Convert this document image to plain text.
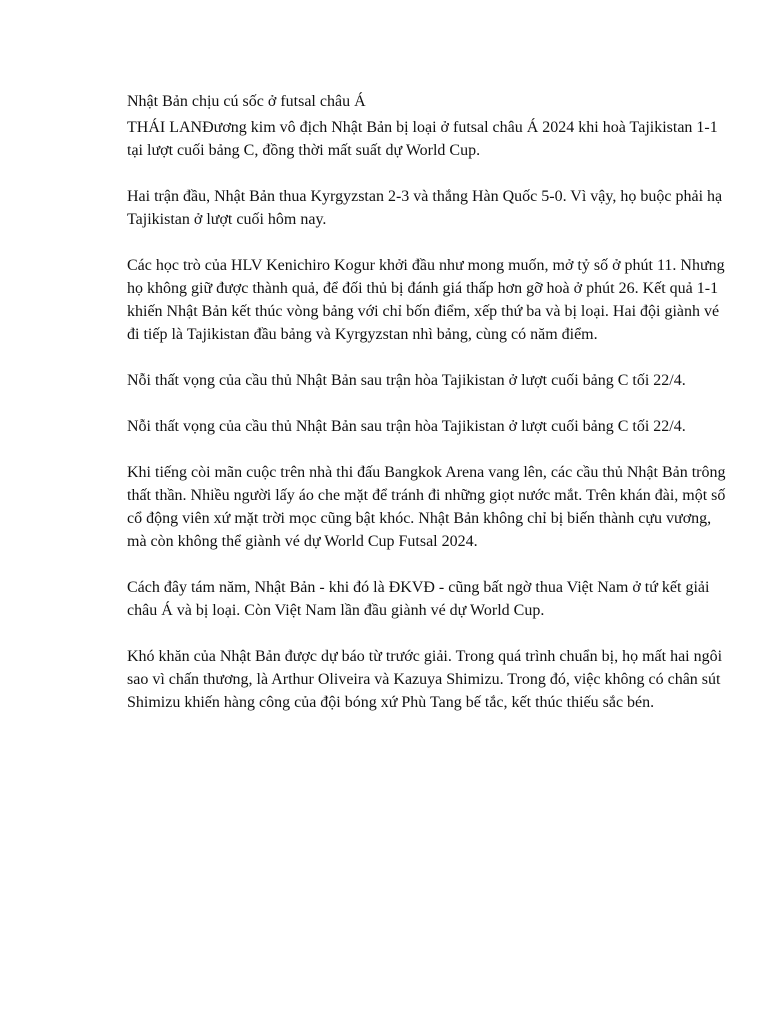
Nhật Bản chịu cú sốc ở futsal châu Á

THÁI LANĐương kim vô địch Nhật Bản bị loại ở futsal châu Á 2024 khi hoà Tajikistan 1-1 tại lượt cuối bảng C, đồng thời mất suất dự World Cup.

Hai trận đầu, Nhật Bản thua Kyrgyzstan 2-3 và thắng Hàn Quốc 5-0. Vì vậy, họ buộc phải hạ Tajikistan ở lượt cuối hôm nay.

Các học trò của HLV Kenichiro Kogur khởi đầu như mong muốn, mở tỷ số ở phút 11. Nhưng họ không giữ được thành quả, để đối thủ bị đánh giá thấp hơn gỡ hoà ở phút 26. Kết quả 1-1 khiến Nhật Bản kết thúc vòng bảng với chỉ bốn điểm, xếp thứ ba và bị loại. Hai đội giành vé đi tiếp là Tajikistan đầu bảng và Kyrgyzstan nhì bảng, cùng có năm điểm.

Nỗi thất vọng của cầu thủ Nhật Bản sau trận hòa Tajikistan ở lượt cuối bảng C tối 22/4.

Nỗi thất vọng của cầu thủ Nhật Bản sau trận hòa Tajikistan ở lượt cuối bảng C tối 22/4.

Khi tiếng còi mãn cuộc trên nhà thi đấu Bangkok Arena vang lên, các cầu thủ Nhật Bản trông thất thần. Nhiều người lấy áo che mặt để tránh đi những giọt nước mắt. Trên khán đài, một số cổ động viên xứ mặt trời mọc cũng bật khóc. Nhật Bản không chỉ bị biến thành cựu vương, mà còn không thể giành vé dự World Cup Futsal 2024.

Cách đây tám năm, Nhật Bản - khi đó là ĐKVĐ - cũng bất ngờ thua Việt Nam ở tứ kết giải châu Á và bị loại. Còn Việt Nam lần đầu giành vé dự World Cup.

Khó khăn của Nhật Bản được dự báo từ trước giải. Trong quá trình chuẩn bị, họ mất hai ngôi sao vì chấn thương, là Arthur Oliveira và Kazuya Shimizu. Trong đó, việc không có chân sút Shimizu khiến hàng công của đội bóng xứ Phù Tang bế tắc, kết thúc thiếu sắc bén.
